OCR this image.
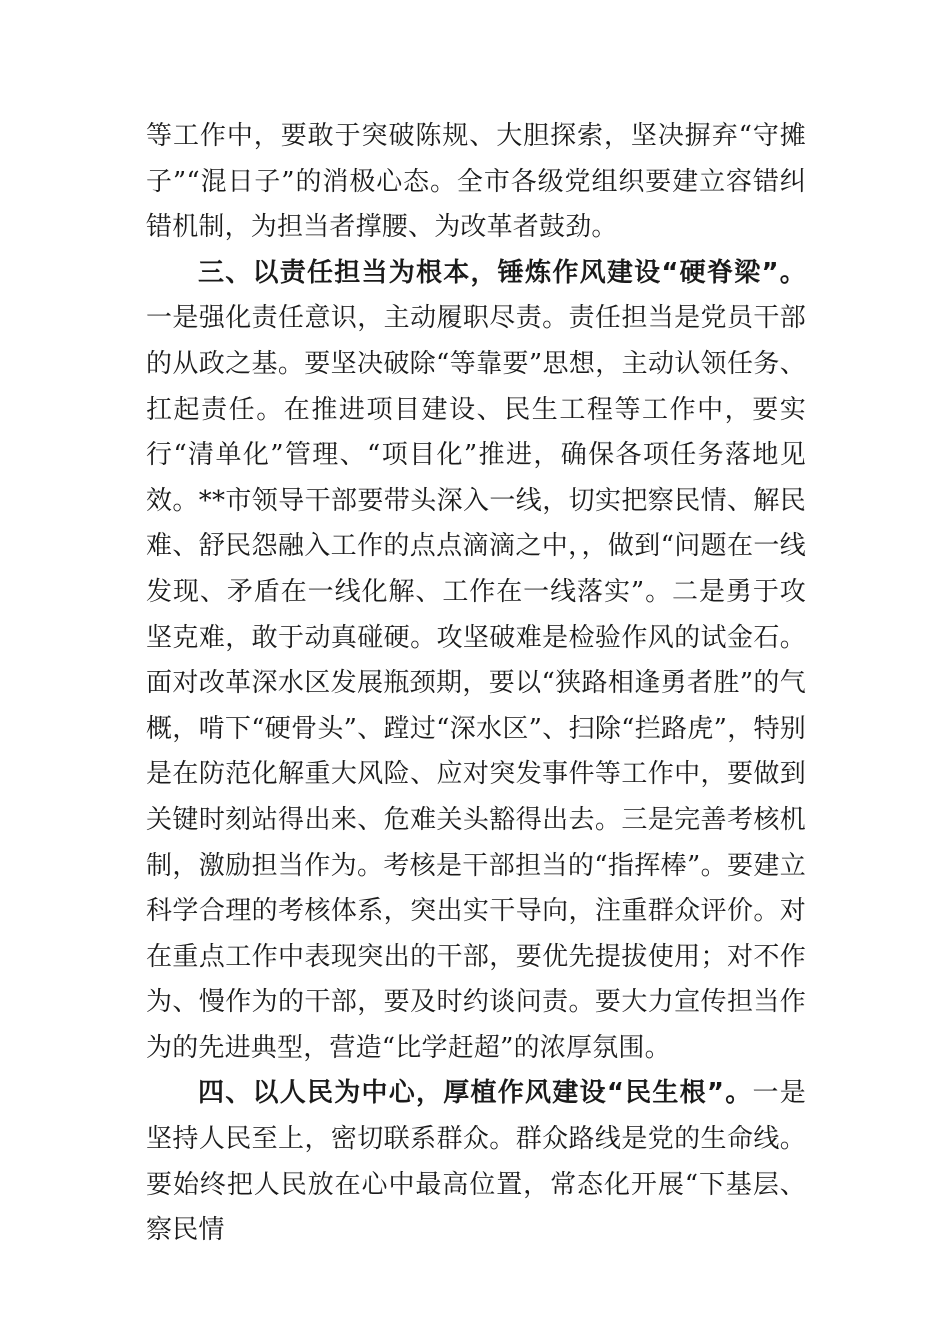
等工作中，要敢于突破陈规、大胆探索，坚决摒弃“守摊子”“混日子”的消极心态。全市各级党组织要建立容错纠错机制，为担当者撑腰、为改革者鼓劲。

三、以责任担当为根本，锤炼作风建设“硬脊梁”。一是强化责任意识，主动履职尽责。责任担当是党员干部的从政之基。要坚决破除“等靠要”思想，主动认领任务、扛起责任。在推进项目建设、民生工程等工作中，要实行“清单化”管理、“项目化”推进，确保各项任务落地见效。**市领导干部要带头深入一线，切实把察民情、解民难、舒民怨融入工作的点点滴滴之中，，做到“问题在一线发现、矛盾在一线化解、工作在一线落实”。二是勇于攻坚克难，敢于动真碰硬。攻坚破难是检验作风的试金石。面对改革深水区发展瓶颈期，要以“狭路相逢勇者胜”的气概，啃下“硬骨头”、蹚过“深水区”、扫除“拦路虎”，特别是在防范化解重大风险、应对突发事件等工作中，要做到关键时刻站得出来、危难关头豁得出去。三是完善考核机制，激励担当作为。考核是干部担当的“指挥棒”。要建立科学合理的考核体系，突出实干导向，注重群众评价。对在重点工作中表现突出的干部，要优先提拔使用；对不作为、慢作为的干部，要及时约谈问责。要大力宣传担当作为的先进典型，营造“比学赶超”的浓厚氛围。

四、以人民为中心，厚植作风建设“民生根”。一是坚持人民至上，密切联系群众。群众路线是党的生命线。要始终把人民放在心中最高位置，常态化开展“下基层、察民情
